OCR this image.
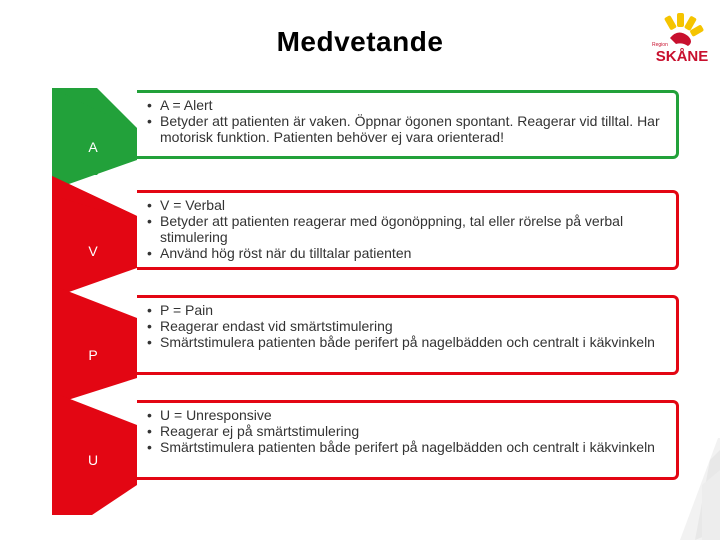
Medvetande	Region
SKÅNE
A
V
P
U
• A = Alert
• Betyder att patienten är vaken. Öppnar ögonen spontant. Reagerar vid tilltal. Har motorisk funktion. Patienten behöver ej vara orienterad!
• V = Verbal
• Betyder att patienten reagerar med ögonöppning, tal eller rörelse på verbal stimulering
• Använd hög röst när du tilltalar patienten
• P = Pain
• Reagerar endast vid smärtstimulering
• Smärtstimulera patienten både perifert på nagelbädden och centralt i käkvinkeln
• U = Unresponsive
• Reagerar ej på smärtstimulering
• Smärtstimulera patienten både perifert på nagelbädden och centralt i käkvinkeln
